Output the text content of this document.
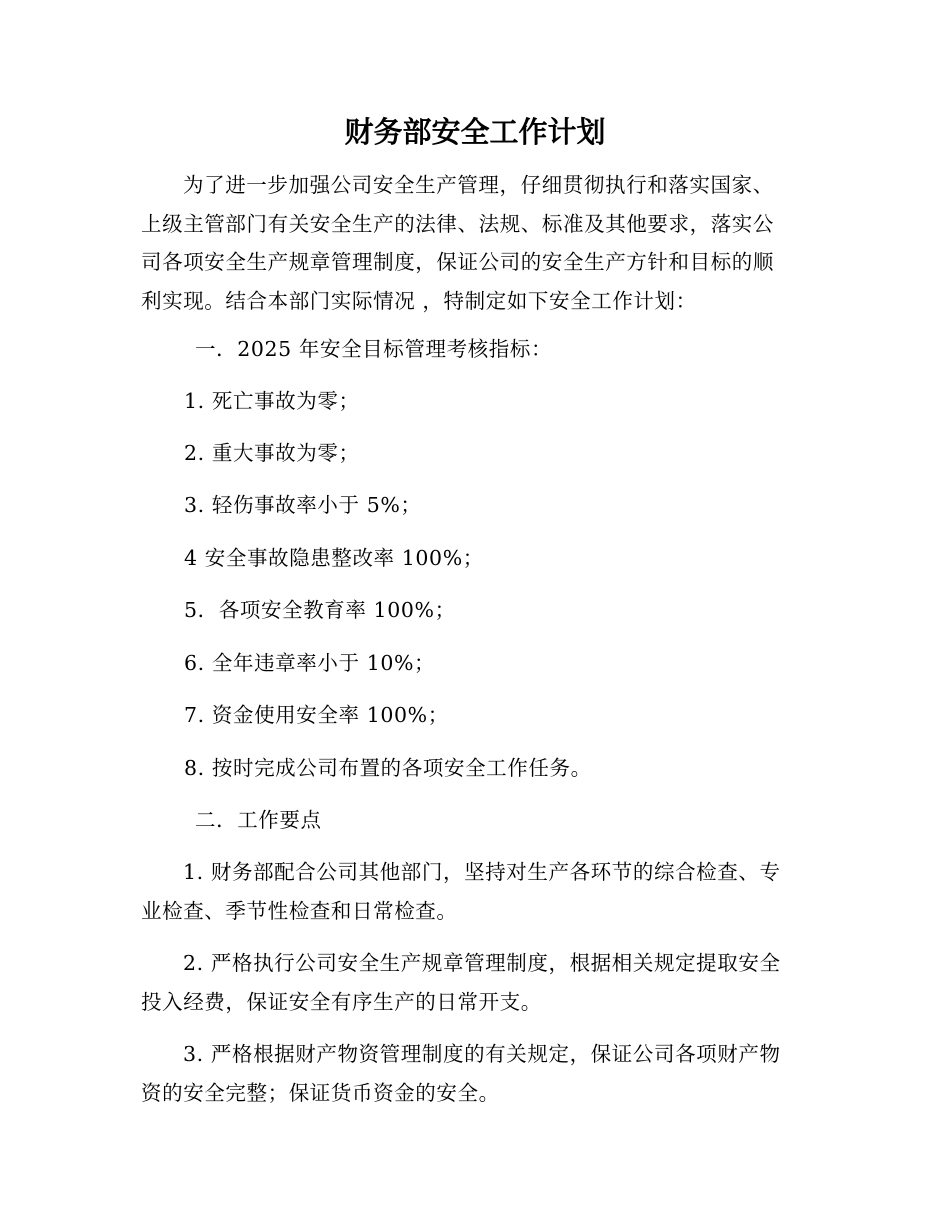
财务部安全工作计划
为了进一步加强公司安全生产管理，仔细贯彻执行和落实国家、
上级主管部门有关安全生产的法律、法规、标准及其他要求，落实公
司各项安全生产规章管理制度，保证公司的安全生产方针和目标的顺
利实现。结合本部门实际情况 ，特制定如下安全工作计划：
一．2025 年安全目标管理考核指标：
1. 死亡事故为零；
2. 重大事故为零；
3. 轻伤事故率小于 5%；
4 安全事故隐患整改率 100%；
5．各项安全教育率 100%；
6. 全年违章率小于 10%；
7. 资金使用安全率 100%；
8. 按时完成公司布置的各项安全工作任务。
二．工作要点
1. 财务部配合公司其他部门，坚持对生产各环节的综合检查、专
业检查、季节性检查和日常检查。
2. 严格执行公司安全生产规章管理制度，根据相关规定提取安全
投入经费，保证安全有序生产的日常开支。
3. 严格根据财产物资管理制度的有关规定，保证公司各项财产物
资的安全完整；保证货币资金的安全。
